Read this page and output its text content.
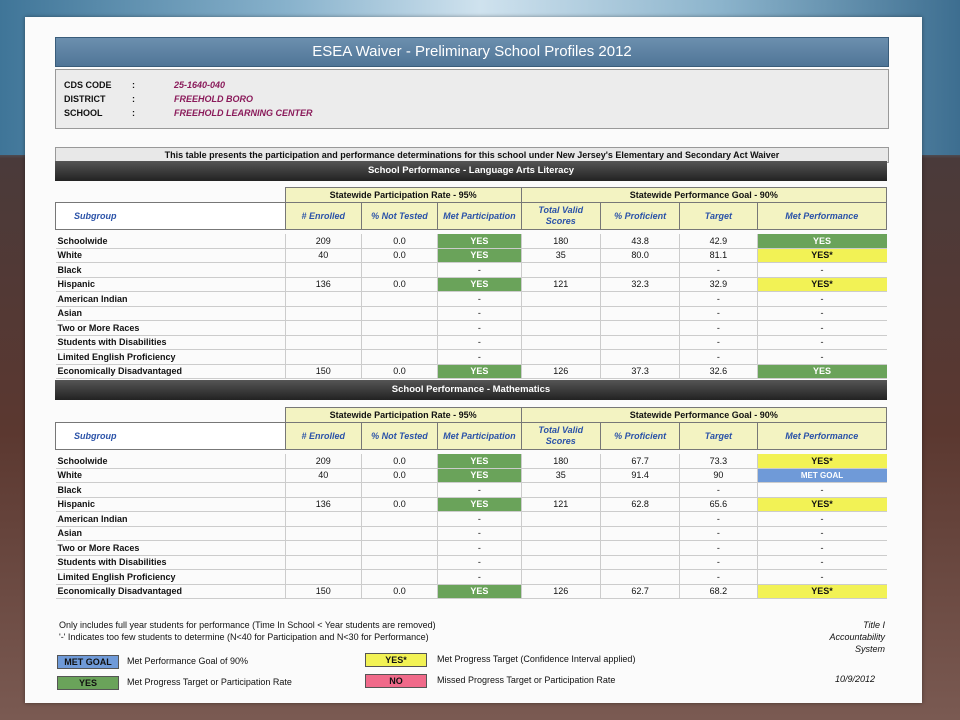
ESEA Waiver - Preliminary School Profiles 2012
CDS CODE	:	25-1640-040
DISTRICT	:	FREEHOLD BORO
SCHOOL	:	FREEHOLD LEARNING CENTER
This table presents the participation and performance determinations for this school under New Jersey's Elementary and Secondary Act Waiver
School Performance - Language Arts Literacy
	Statewide Participation Rate - 95%			Statewide Performance Goal - 90%			
Subgroup	# Enrolled	% Not Tested	Met Participation	Total Valid Scores	% Proficient	Target	Met Performance

Schoolwide	209	0.0	YES	180	43.8	42.9	YES
White	40	0.0	YES	35	80.0	81.1	YES*
Black			-			-	-
Hispanic	136	0.0	YES	121	32.3	32.9	YES*
American Indian			-			-	-
Asian			-			-	-
Two or More Races			-			-	-
Students with Disabilities			-			-	-
Limited English Proficiency			-			-	-
Economically Disadvantaged	150	0.0	YES	126	37.3	32.6	YES
School Performance - Mathematics
	Statewide Participation Rate - 95%			Statewide Performance Goal - 90%			
Subgroup	# Enrolled	% Not Tested	Met Participation	Total Valid Scores	% Proficient	Target	Met Performance

Schoolwide	209	0.0	YES	180	67.7	73.3	YES*
White	40	0.0	YES	35	91.4	90	MET GOAL
Black			-			-	-
Hispanic	136	0.0	YES	121	62.8	65.6	YES*
American Indian			-			-	-
Asian			-			-	-
Two or More Races			-			-	-
Students with Disabilities			-			-	-
Limited English Proficiency			-			-	-
Economically Disadvantaged	150	0.0	YES	126	62.7	68.2	YES*
Only includes full year students for performance (Time In School < Year students are removed)
'-' Indicates too few students to determine (N<40 for Participation and N<30 for Performance)
MET GOAL	Met Performance Goal of 90%
YES	Met Progress Target or Participation Rate
YES*	Met Progress Target (Confidence Interval applied)
NO	Missed Progress Target or Participation Rate
Title I
Accountability
System
10/9/2012
